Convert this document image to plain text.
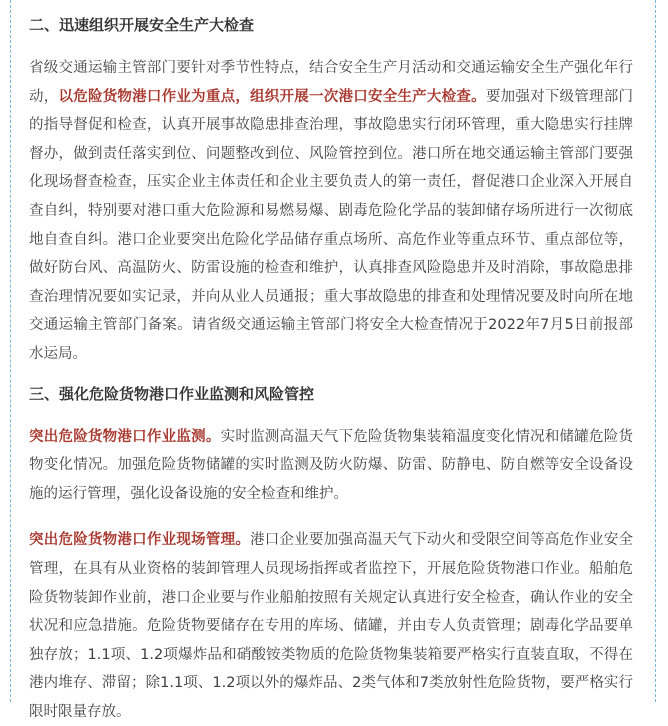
二、迅速组织开展安全生产大检查

省级交通运输主管部门要针对季节性特点，结合安全生产月活动和交通运输安全生产强化年行动，以危险货物港口作业为重点，组织开展一次港口安全生产大检查。要加强对下级管理部门的指导督促和检查，认真开展事故隐患排查治理，事故隐患实行闭环管理，重大隐患实行挂牌督办，做到责任落实到位、问题整改到位、风险管控到位。港口所在地交通运输主管部门要强化现场督查检查，压实企业主体责任和企业主要负责人的第一责任，督促港口企业深入开展自查自纠，特别要对港口重大危险源和易燃易爆、剧毒危险化学品的装卸储存场所进行一次彻底地自查自纠。港口企业要突出危险化学品储存重点场所、高危作业等重点环节、重点部位等，做好防台风、高温防火、防雷设施的检查和维护，认真排查风险隐患并及时消除，事故隐患排查治理情况要如实记录，并向从业人员通报；重大事故隐患的排查和处理情况要及时向所在地交通运输主管部门备案。请省级交通运输主管部门将安全大检查情况于2022年7月5日前报部水运局。

三、强化危险货物港口作业监测和风险管控

突出危险货物港口作业监测。实时监测高温天气下危险货物集装箱温度变化情况和储罐危险货物变化情况。加强危险货物储罐的实时监测及防火防爆、防雷、防静电、防自燃等安全设备设施的运行管理，强化设备设施的安全检查和维护。

突出危险货物港口作业现场管理。港口企业要加强高温天气下动火和受限空间等高危作业安全管理，在具有从业资格的装卸管理人员现场指挥或者监控下，开展危险货物港口作业。船舶危险货物装卸作业前，港口企业要与作业船舶按照有关规定认真进行安全检查，确认作业的安全状况和应急措施。危险货物要储存在专用的库场、储罐，并由专人负责管理；剧毒化学品要单独存放；1.1项、1.2项爆炸品和硝酸铵类物质的危险货物集装箱要严格实行直装直取，不得在港内堆存、滞留；除1.1项、1.2项以外的爆炸品、2类气体和7类放射性危险货物，要严格实行限时限量存放。
